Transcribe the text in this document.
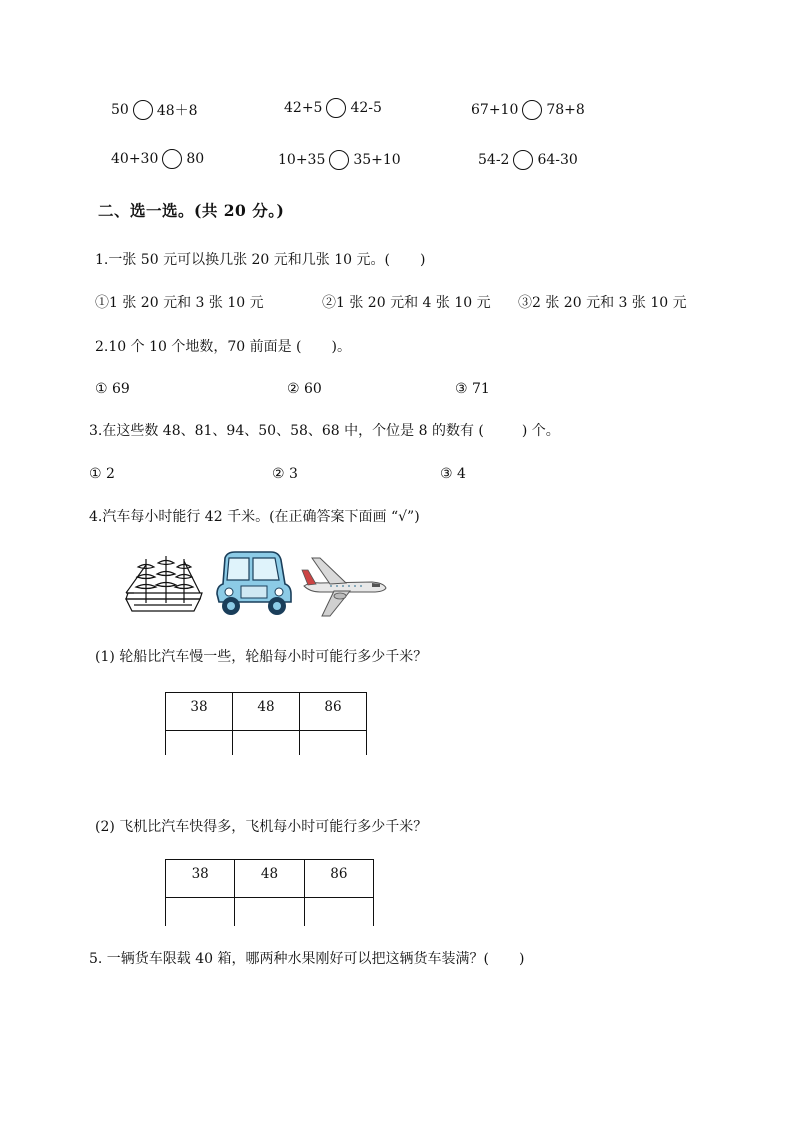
50 48＋8	42+5 42-5	67+10 78+8
40+30 80	10+35 35+10	54-2 64-30
二、选一选。(共 20 分。)
1.一张 50 元可以换几张 20 元和几张 10 元。( )
①1 张 20 元和 3 张 10 元	②1 张 20 元和 4 张 10 元 ③2 张 20 元和 3 张 10 元
2.10 个 10 个地数，70 前面是 ( )。
① 69	② 60	③ 71
3.在这些数 48、81、94、50、58、68 中，个位是 8 的数有 (	) 个。
① 2	② 3	③ 4
4.汽车每小时能行 42 千米。(在正确答案下面画 “√”)
(1) 轮船比汽车慢一些，轮船每小时可能行多少千米？
38	48	86

(2) 飞机比汽车快得多，飞机每小时可能行多少千米？
38	48	86

5. 一辆货车限载 40 箱，哪两种水果刚好可以把这辆货车装满？( )
